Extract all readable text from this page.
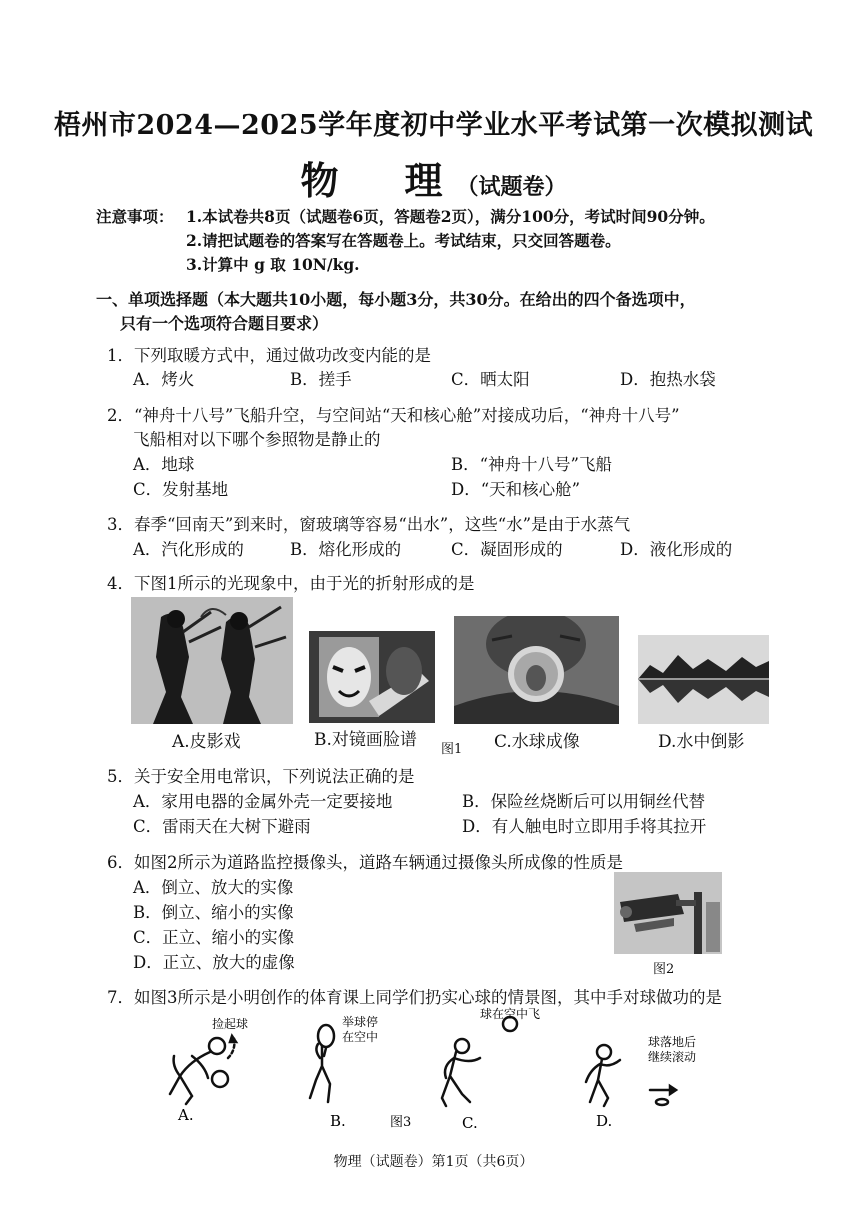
梧州市2024—2025学年度初中学业水平考试第一次模拟测试
物　理（试题卷）
注意事项： 1.本试卷共8页（试题卷6页，答题卷2页），满分100分，考试时间90分钟。
2.请把试题卷的答案写在答题卷上。考试结束，只交回答题卷。
3.计算中 g 取 10N/kg.
一、单项选择题（本大题共10小题，每小题3分，共30分。在给出的四个备选项中，
只有一个选项符合题目要求）
1．下列取暖方式中，通过做功改变内能的是
A．烤火	B．搓手	C．晒太阳	D．抱热水袋
2．“神舟十八号”飞船升空，与空间站“天和核心舱”对接成功后，“神舟十八号”
飞船相对以下哪个参照物是静止的
A．地球	B．“神舟十八号”飞船
C．发射基地	D．“天和核心舱”
3．春季“回南天”到来时，窗玻璃等容易“出水”，这些“水”是由于水蒸气
A．汽化形成的	B．熔化形成的	C．凝固形成的	D．液化形成的
4．下图1所示的光现象中，由于光的折射形成的是
A.皮影戏	B.对镜画脸谱 图1 C.水球成像	D.水中倒影
5．关于安全用电常识，下列说法正确的是
A．家用电器的金属外壳一定要接地	B．保险丝烧断后可以用铜丝代替
C．雷雨天在大树下避雨	D．有人触电时立即用手将其拉开
6．如图2所示为道路监控摄像头，道路车辆通过摄像头所成像的性质是
A．倒立、放大的实像
B．倒立、缩小的实像
C．正立、缩小的实像
D．正立、放大的虚像	图2
7．如图3所示是小明创作的体育课上同学们扔实心球的情景图，其中手对球做功的是
捡起球	举球停
在空中
球在空中飞
球落地后
继续滚动
A.	B.	图3	C.	D.
物理（试题卷）第1页（共6页）
